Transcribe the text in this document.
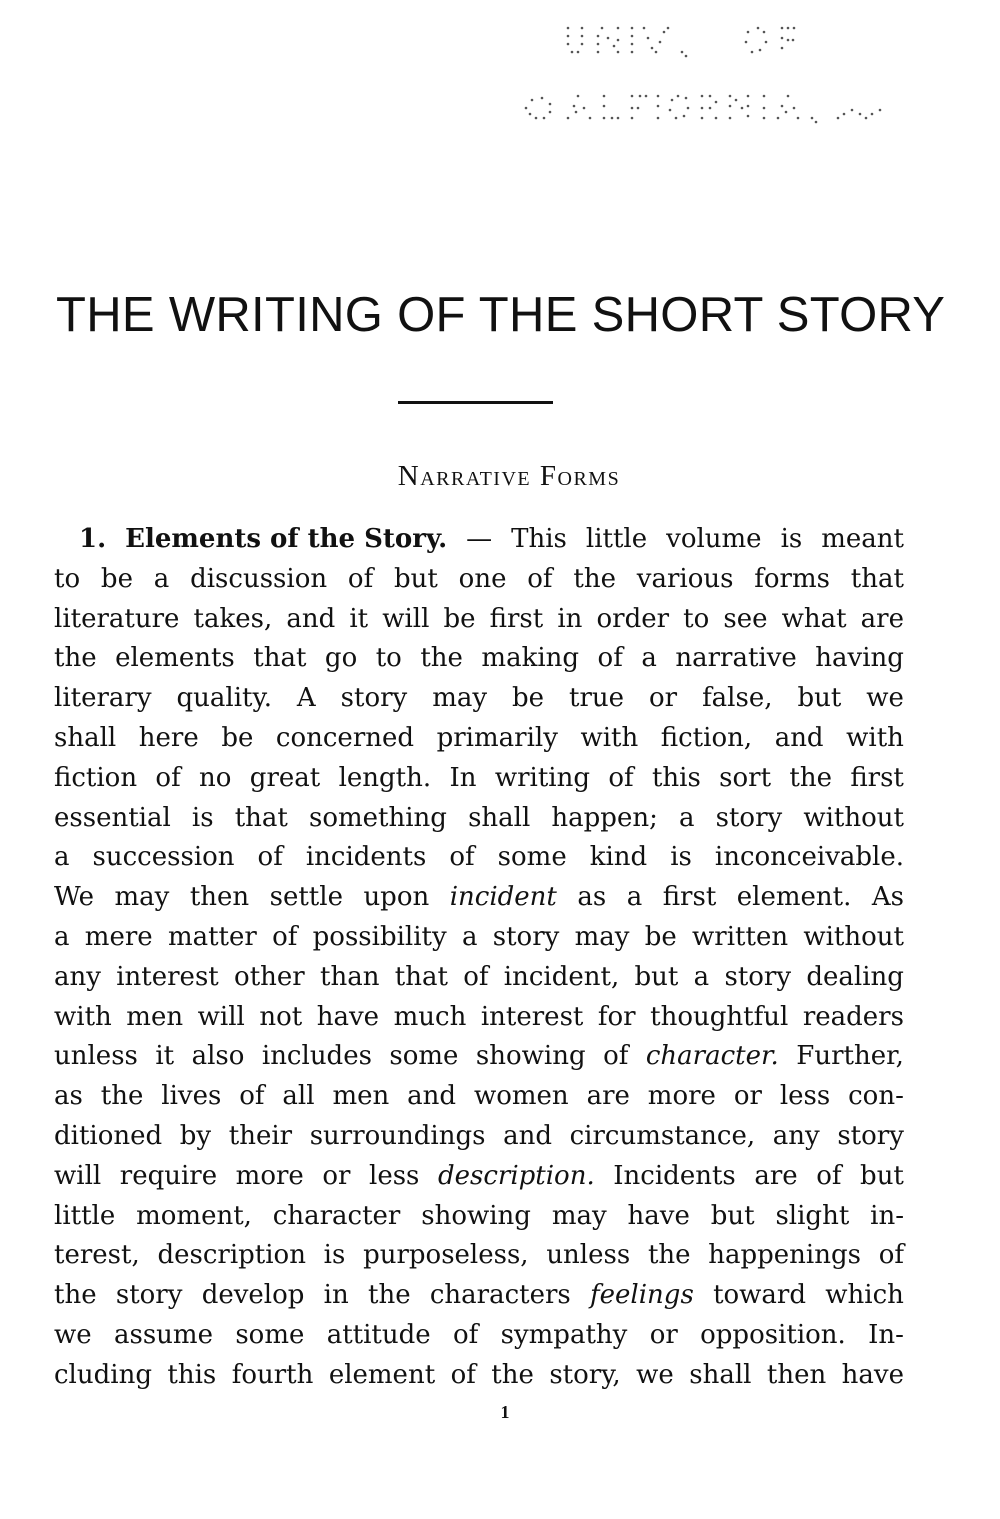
THE WRITING OF THE SHORT STORY
Narrative Forms
1. Elements of the Story. — This little volume is meant
to be a discussion of but one of the various forms that
literature takes, and it will be first in order to see what are
the elements that go to the making of a narrative having
literary quality. A story may be true or false, but we
shall here be concerned primarily with fiction, and with
fiction of no great length. In writing of this sort the first
essential is that something shall happen; a story without
a succession of incidents of some kind is inconceivable.
We may then settle upon incident as a first element. As
a mere matter of possibility a story may be written without
any interest other than that of incident, but a story dealing
with men will not have much interest for thoughtful readers
unless it also includes some showing of character. Further,
as the lives of all men and women are more or less con-
ditioned by their surroundings and circumstance, any story
will require more or less description. Incidents are of but
little moment, character showing may have but slight in-
terest, description is purposeless, unless the happenings of
the story develop in the characters feelings toward which
we assume some attitude of sympathy or opposition. In-
cluding this fourth element of the story, we shall then have
1
